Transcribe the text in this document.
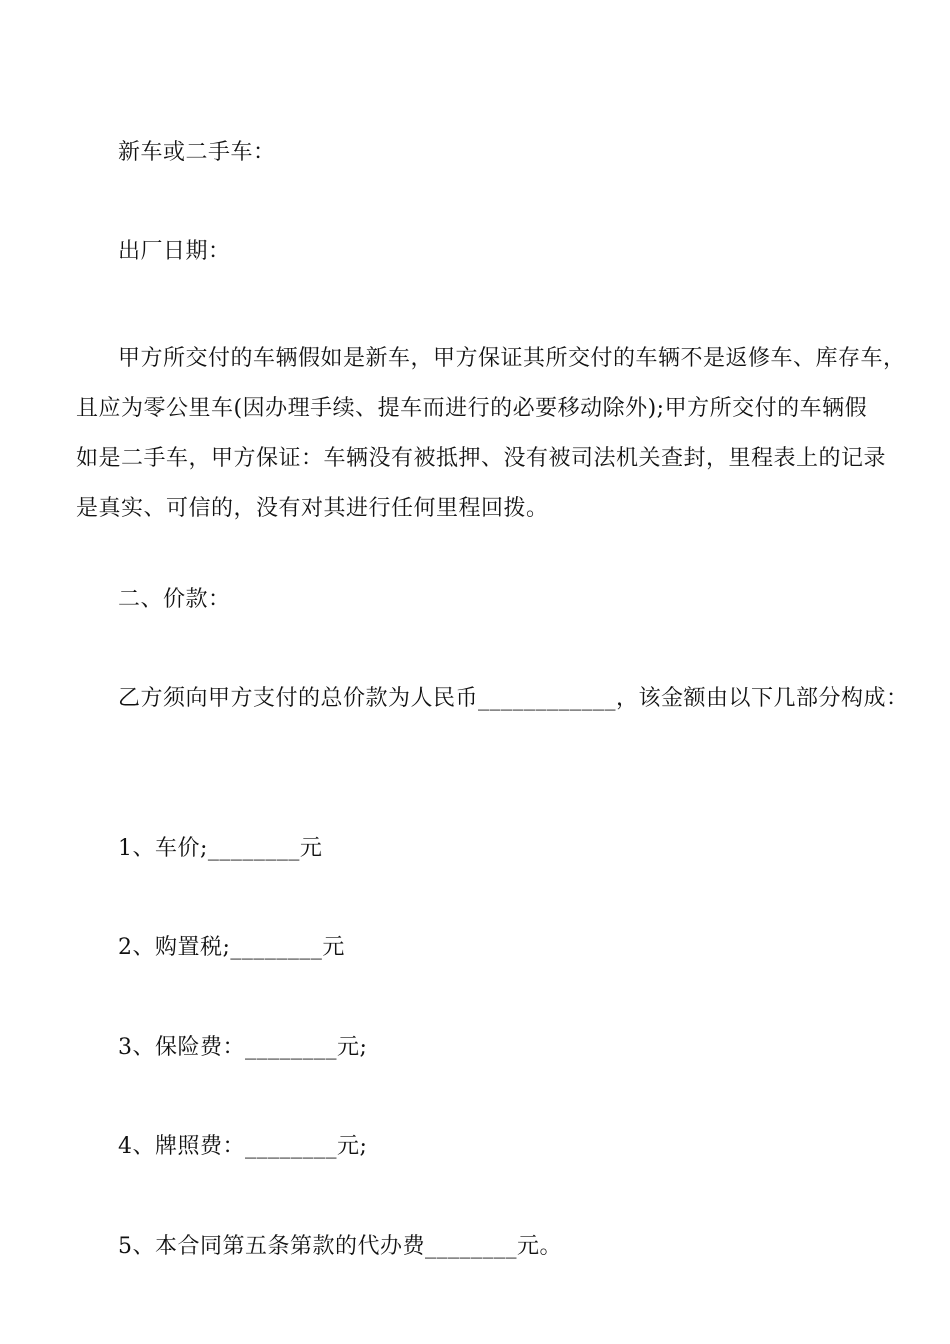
新车或二手车：
出厂日期：
甲方所交付的车辆假如是新车，甲方保证其所交付的车辆不是返修车、库存车，
且应为零公里车(因办理手续、提车而进行的必要移动除外);甲方所交付的车辆假
如是二手车，甲方保证：车辆没有被抵押、没有被司法机关查封，里程表上的记录
是真实、可信的，没有对其进行任何里程回拨。
二、价款：
乙方须向甲方支付的总价款为人民币____________，该金额由以下几部分构成：
1、车价;________元
2、购置税;________元
3、保险费：________元;
4、牌照费：________元;
5、本合同第五条第款的代办费________元。
